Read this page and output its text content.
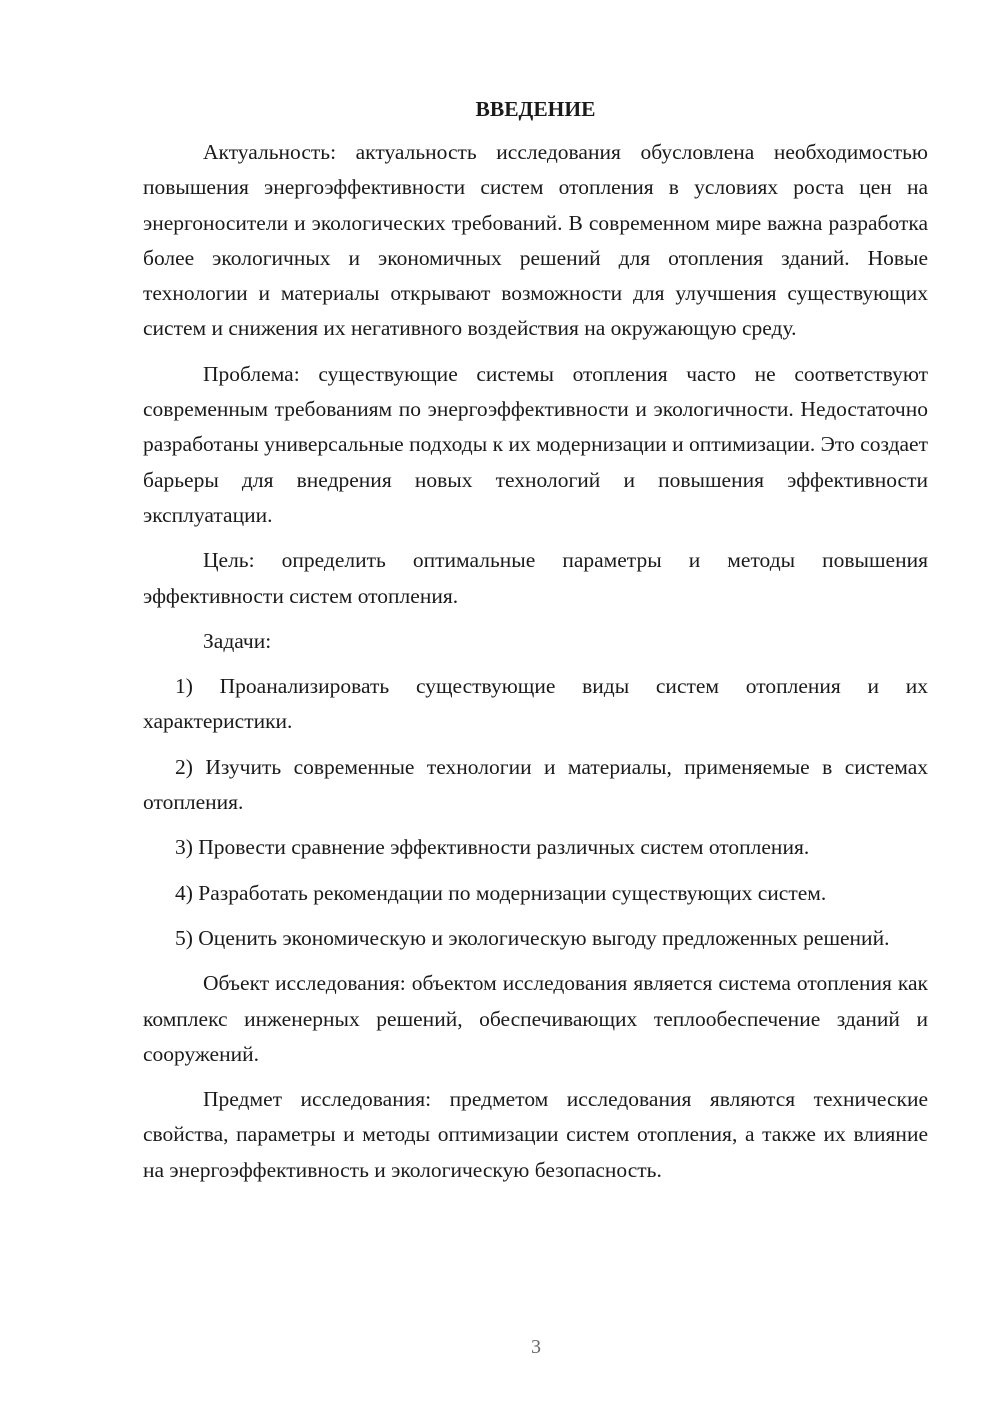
ВВЕДЕНИЕ

Актуальность: актуальность исследования обусловлена необходимостью повышения энергоэффективности систем отопления в условиях роста цен на энергоносители и экологических требований. В современном мире важна разработка более экологичных и экономичных решений для отопления зданий. Новые технологии и материалы открывают возможности для улучшения существующих систем и снижения их негативного воздействия на окружающую среду.

Проблема: существующие системы отопления часто не соответствуют современным требованиям по энергоэффективности и экологичности. Недостаточно разработаны универсальные подходы к их модернизации и оптимизации. Это создает барьеры для внедрения новых технологий и повышения эффективности эксплуатации.

Цель: определить оптимальные параметры и методы повышения эффективности систем отопления.

Задачи:

1) Проанализировать существующие виды систем отопления и их характеристики.

2) Изучить современные технологии и материалы, применяемые в системах отопления.

3) Провести сравнение эффективности различных систем отопления.

4) Разработать рекомендации по модернизации существующих систем.

5) Оценить экономическую и экологическую выгоду предложенных решений.

Объект исследования: объектом исследования является система отопления как комплекс инженерных решений, обеспечивающих теплообеспечение зданий и сооружений.

Предмет исследования: предметом исследования являются технические свойства, параметры и методы оптимизации систем отопления, а также их влияние на энергоэффективность и экологическую безопасность.

3
